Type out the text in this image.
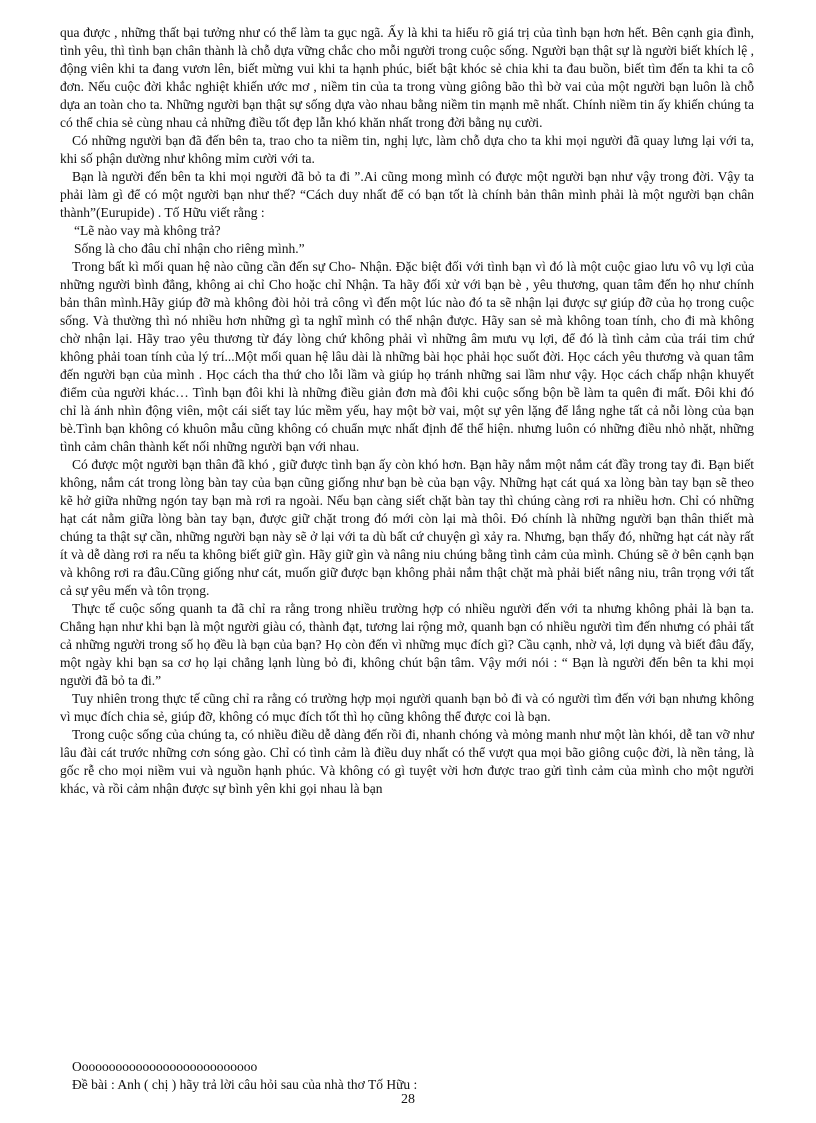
qua được , những thất bại tưởng như có thể làm ta gục ngã. Ấy là khi ta hiểu rõ giá trị của tình bạn hơn hết. Bên cạnh gia đình, tình yêu, thì tình bạn chân thành là chỗ dựa vững chắc cho mỗi người trong cuộc sống. Người bạn thật sự là người biết khích lệ , động viên khi ta đang vươn lên, biết mừng vui khi ta hạnh phúc, biết bật khóc sẻ chia khi ta đau buồn, biết tìm đến ta khi ta cô đơn. Nếu cuộc đời khắc nghiệt khiến ước mơ , niềm tin của ta trong vùng giông bão thì bờ vai của một người bạn luôn là chỗ dựa an toàn cho ta. Những người bạn thật sự sống dựa vào nhau bằng niềm tin mạnh mẽ nhất. Chính niềm tin ấy khiến chúng ta có thể chia sẻ cùng nhau cả những điều tốt đẹp lẫn khó khăn nhất trong đời bằng nụ cười.

Có những người bạn đã đến bên ta, trao cho ta niềm tin, nghị lực, làm chỗ dựa cho ta khi mọi người đã quay lưng lại với ta, khi số phận dường như không mỉm cười với ta.

Bạn là người đến bên ta khi mọi người đã bỏ ta đi ”.Ai cũng mong mình có được một người bạn như vậy trong đời. Vậy ta phải làm gì để có một người bạn như thế? “Cách duy nhất để có bạn tốt là chính bản thân mình phải là một người bạn chân thành”(Eurupide) . Tố Hữu viết rằng :

“Lẽ nào vay mà không trả?

Sống là cho đâu chỉ nhận cho riêng mình.”

Trong bất kì mối quan hệ nào cũng cần đến sự Cho- Nhận. Đặc biệt đối với tình bạn vì đó là một cuộc giao lưu vô vụ lợi của những người bình đẳng, không ai chỉ Cho hoặc chỉ Nhận. Ta hãy đối xử với bạn bè , yêu thương, quan tâm đến họ như chính bản thân mình.Hãy giúp đỡ mà không đòi hỏi trả công vì đến một lúc nào đó ta sẽ nhận lại được sự giúp đỡ của họ trong cuộc sống. Và thường thì nó nhiều hơn những gì ta nghĩ mình có thể nhận được. Hãy san sẻ mà không toan tính, cho đi mà không chờ nhận lại. Hãy trao yêu thương từ đáy lòng chứ không phải vì những âm mưu vụ lợi, để đó là tình cảm của trái tim chứ không phải toan tính của lý trí...Một mối quan hệ lâu dài là những bài học phải học suốt đời. Học cách yêu thương và quan tâm đến người bạn của mình . Học cách tha thứ cho lỗi lầm và giúp họ tránh những sai lầm như vậy. Học cách chấp nhận khuyết điểm của người khác… Tình bạn đôi khi là những điều giản đơn mà đôi khi cuộc sống bộn bề làm ta quên đi mất. Đôi khi đó chỉ là ánh nhìn động viên, một cái siết tay lúc mềm yếu, hay một bờ vai, một sự yên lặng để lắng nghe tất cả nỗi lòng của bạn bè.Tình bạn không có khuôn mẫu cũng không có chuẩn mực nhất định để thể hiện. nhưng luôn có những điều nhỏ nhặt, những tình cảm chân thành kết nối những người bạn với nhau.

Có được một người bạn thân đã khó , giữ được tình bạn ấy còn khó hơn. Bạn hãy nắm một nắm cát đầy trong tay đi. Bạn biết không, nắm cát trong lòng bàn tay của bạn cũng giống như bạn bè của bạn vậy. Những hạt cát quá xa lòng bàn tay bạn sẽ theo kẽ hở giữa những ngón tay bạn mà rơi ra ngoài. Nếu bạn càng siết chặt bàn tay thì chúng càng rơi ra nhiều hơn. Chỉ có những hạt cát nằm giữa lòng bàn tay bạn, được giữ chặt trong đó mới còn lại mà thôi. Đó chính là những người bạn thân thiết mà chúng ta thật sự cần, những người bạn này sẽ ở lại với ta dù bất cứ chuyện gì xảy ra. Nhưng, bạn thấy đó, những hạt cát này rất ít và dễ dàng rơi ra nếu ta không biết giữ gìn. Hãy giữ gìn và nâng niu chúng bằng tình cảm của mình. Chúng sẽ ở bên cạnh bạn và không rơi ra đâu.Cũng giống như cát, muốn giữ được bạn không phải nắm thật chặt mà phải biết nâng niu, trân trọng với tất cả sự yêu mến và tôn trọng.

Thực tế cuộc sống quanh ta đã chỉ ra rằng trong nhiều trường hợp có nhiều người đến với ta nhưng không phải là bạn ta. Chẳng hạn như khi bạn là một người giàu có, thành đạt, tương lai rộng mở, quanh bạn có nhiều người tìm đến nhưng có phải tất cả những người trong số họ đều là bạn của bạn? Họ còn đến vì những mục đích gì? Cầu cạnh, nhờ vả, lợi dụng và biết đâu đấy, một ngày khi bạn sa cơ họ lại chẳng lạnh lùng bỏ đi, không chút bận tâm. Vậy mới nói : “ Bạn là người đến bên ta khi mọi người đã bỏ ta đi.”

Tuy nhiên trong thực tế cũng chỉ ra rằng có trường hợp mọi người quanh bạn bỏ đi và có người tìm đến với bạn nhưng không vì mục đích chia sẻ, giúp đỡ, không có mục đích tốt thì họ cũng không thể được coi là bạn.

Trong cuộc sống của chúng ta, có nhiều điều dễ dàng đến rồi đi, nhanh chóng và mỏng manh như một làn khói, dễ tan vỡ như lâu đài cát trước những cơn sóng gào. Chỉ có tình cảm là điều duy nhất có thể vượt qua mọi bão giông cuộc đời, là nền tảng, là gốc rễ cho mọi niềm vui và nguồn hạnh phúc. Và không có gì tuyệt vời hơn được trao gửi tình cảm của mình cho một người khác, và rồi cảm nhận được sự bình yên khi gọi nhau là bạn

Ooooooooooooooooooooooooooo

Đề bài : Anh ( chị ) hãy trả lời câu hỏi sau của nhà thơ Tố Hữu :

28
